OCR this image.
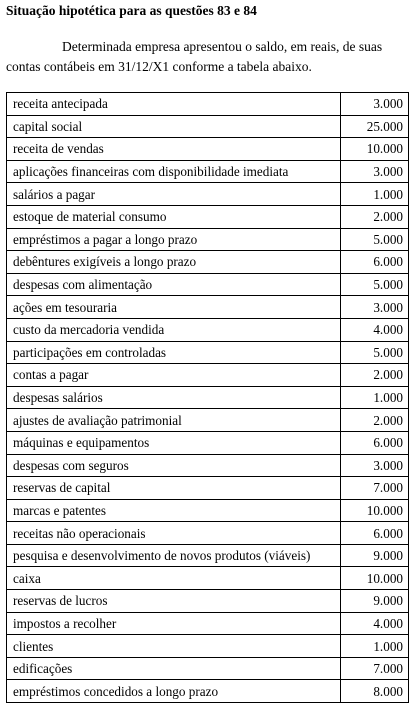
Situação hipotética para as questões 83 e 84
Determinada empresa apresentou o saldo, em reais, de suas
contas contábeis em 31/12/X1 conforme a tabela abaixo.
receita antecipada	3.000
capital social	25.000
receita de vendas	10.000
aplicações financeiras com disponibilidade imediata	3.000
salários a pagar	1.000
estoque de material consumo	2.000
empréstimos a pagar a longo prazo	5.000
debêntures exigíveis a longo prazo	6.000
despesas com alimentação	5.000
ações em tesouraria	3.000
custo da mercadoria vendida	4.000
participações em controladas	5.000
contas a pagar	2.000
despesas salários	1.000
ajustes de avaliação patrimonial	2.000
máquinas e equipamentos	6.000
despesas com seguros	3.000
reservas de capital	7.000
marcas e patentes	10.000
receitas não operacionais	6.000
pesquisa e desenvolvimento de novos produtos (viáveis)	9.000
caixa	10.000
reservas de lucros	9.000
impostos a recolher	4.000
clientes	1.000
edificações	7.000
empréstimos concedidos a longo prazo	8.000
